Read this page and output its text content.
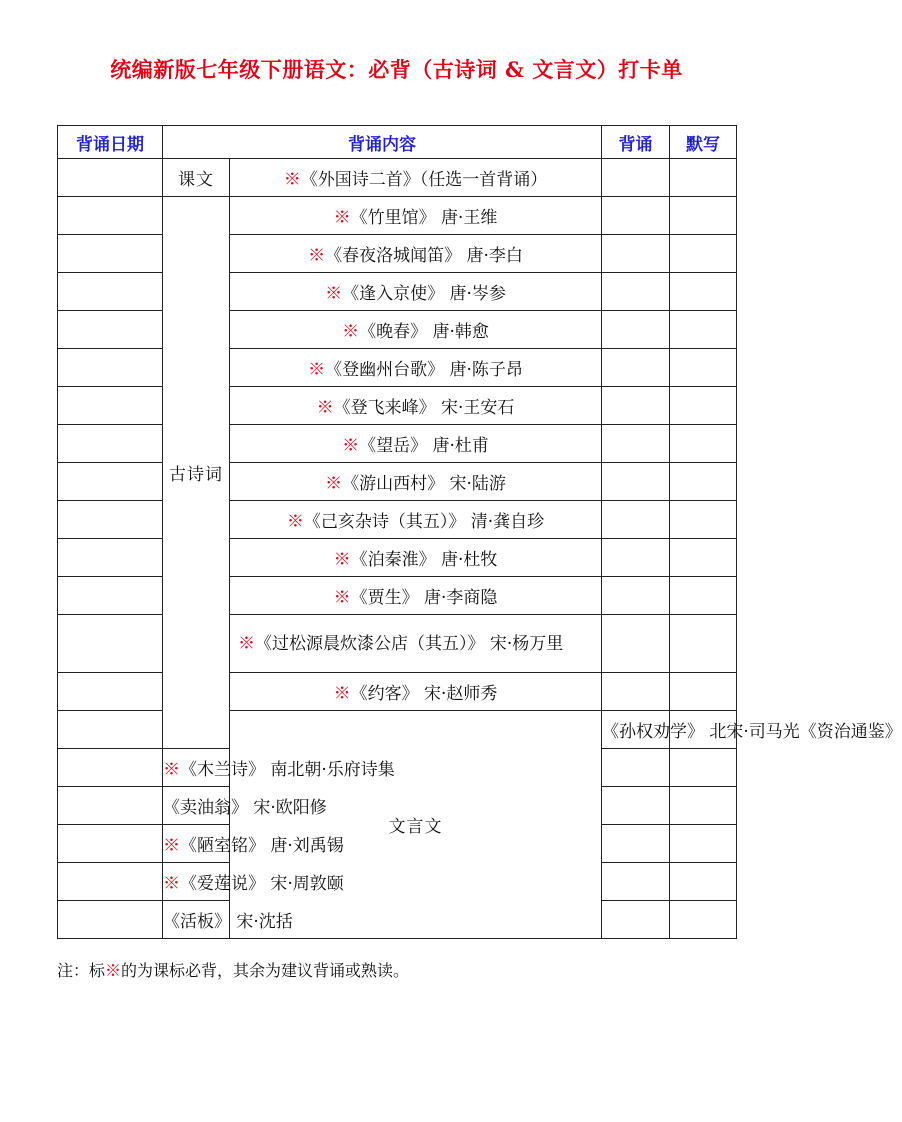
统编新版七年级下册语文：必背（古诗词 & 文言文）打卡单
背诵日期	背诵内容		背诵	默写	
	课文	※《外国诗二首》（任选一首背诵）			
	古诗词	※《竹里馆》 唐·王维			
		※《春夜洛城闻笛》 唐·李白			
		※《逢入京使》 唐·岑参			
		※《晚春》 唐·韩愈			
		※《登幽州台歌》 唐·陈子昂			
		※《登飞来峰》 宋·王安石			
		※《望岳》 唐·杜甫			
		※《游山西村》 宋·陆游			
		※《己亥杂诗（其五）》 清·龚自珍			
		※《泊秦淮》 唐·杜牧			
		※《贾生》 唐·李商隐			
		※《过松源晨炊漆公店（其五）》 宋·杨万里			
		※《约客》 宋·赵师秀			
		文言文	《孙权劝学》 北宋·司马光《资治通鉴》		
	※《木兰诗》 南北朝·乐府诗集				
	《卖油翁》 宋·欧阳修				
	※《陋室铭》 唐·刘禹锡				
	※《爱莲说》 宋·周敦颐				
	《活板》 宋·沈括				
注：标※的为课标必背，其余为建议背诵或熟读。
